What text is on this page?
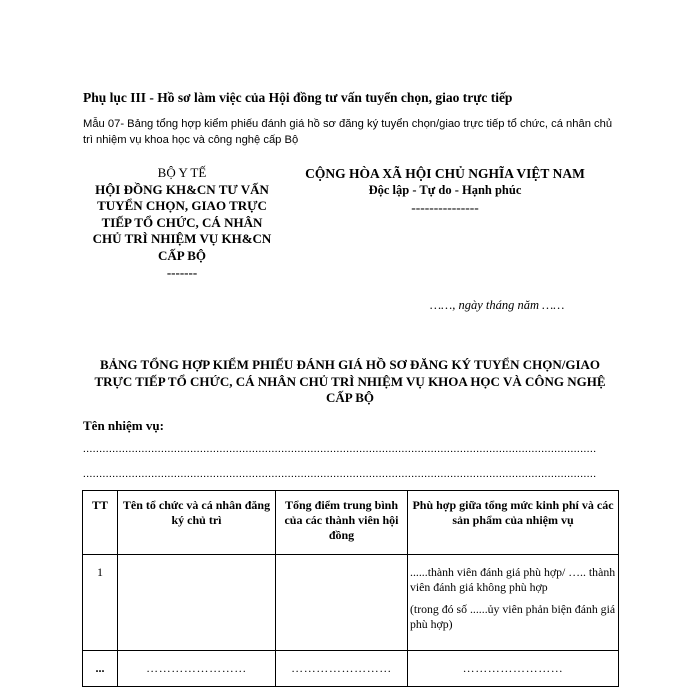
Phụ lục III - Hồ sơ làm việc của Hội đồng tư vấn tuyển chọn, giao trực tiếp
Mẫu 07- Bảng tổng hợp kiểm phiếu đánh giá hồ sơ đăng ký tuyển chọn/giao trực tiếp tổ chức, cá nhân chủ trì nhiệm vụ khoa học và công nghệ cấp Bộ
BỘ Y TẾ
HỘI ĐỒNG KH&CN TƯ VẤN
TUYỂN CHỌN, GIAO TRỰC
TIẾP TỔ CHỨC, CÁ NHÂN
CHỦ TRÌ NHIỆM VỤ KH&CN
CẤP BỘ
-------
CỘNG HÒA XÃ HỘI CHỦ NGHĨA VIỆT NAM
Độc lập - Tự do - Hạnh phúc
---------------
……, ngày tháng năm ……
BẢNG TỔNG HỢP KIỂM PHIẾU ĐÁNH GIÁ HỒ SƠ ĐĂNG KÝ TUYỂN CHỌN/GIAO TRỰC TIẾP TỔ CHỨC, CÁ NHÂN CHỦ TRÌ NHIỆM VỤ KHOA HỌC VÀ CÔNG NGHỆ CẤP BỘ
Tên nhiệm vụ:
..............................................................................................................................................................
..............................................................................................................................................................
TT	Tên tổ chức và cá nhân đăng ký chủ trì	Tổng điểm trung bình của các thành viên hội đồng	Phù hợp giữa tổng mức kinh phí và các sản phẩm của nhiệm vụ
1			......thành viên đánh giá phù hợp/ ….. thành viên đánh giá không phù hợp

(trong đó số ......ủy viên phản biện đánh giá phù hợp)

...	……………………	……………………	……………………
